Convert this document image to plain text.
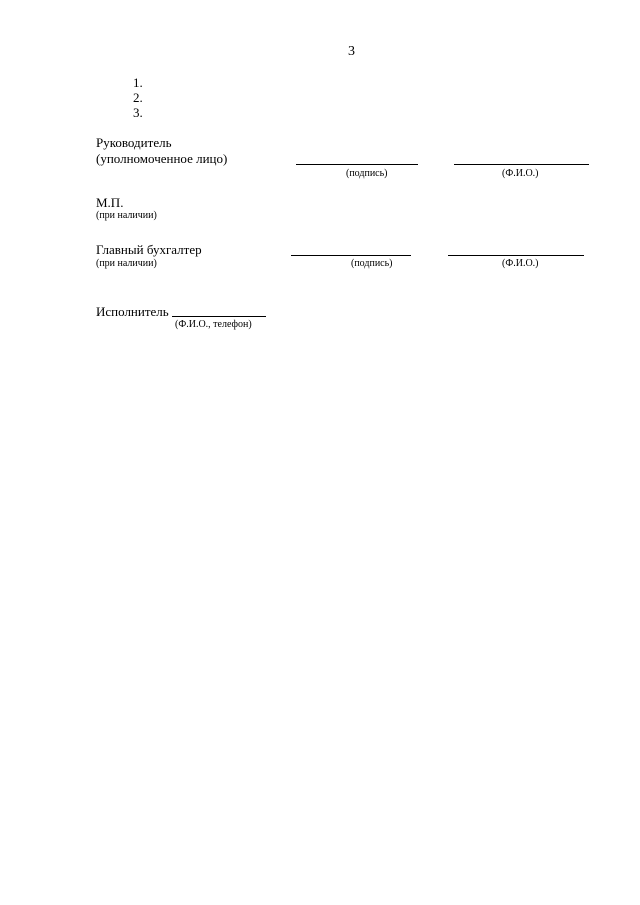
3
1.
2.
3.
Руководитель
(уполномоченное лицо)
(подпись)	(Ф.И.О.)
М.П.
(при наличии)
Главный бухгалтер
(при наличии)	(подпись)	(Ф.И.О.)
Исполнитель
(Ф.И.О., телефон)
